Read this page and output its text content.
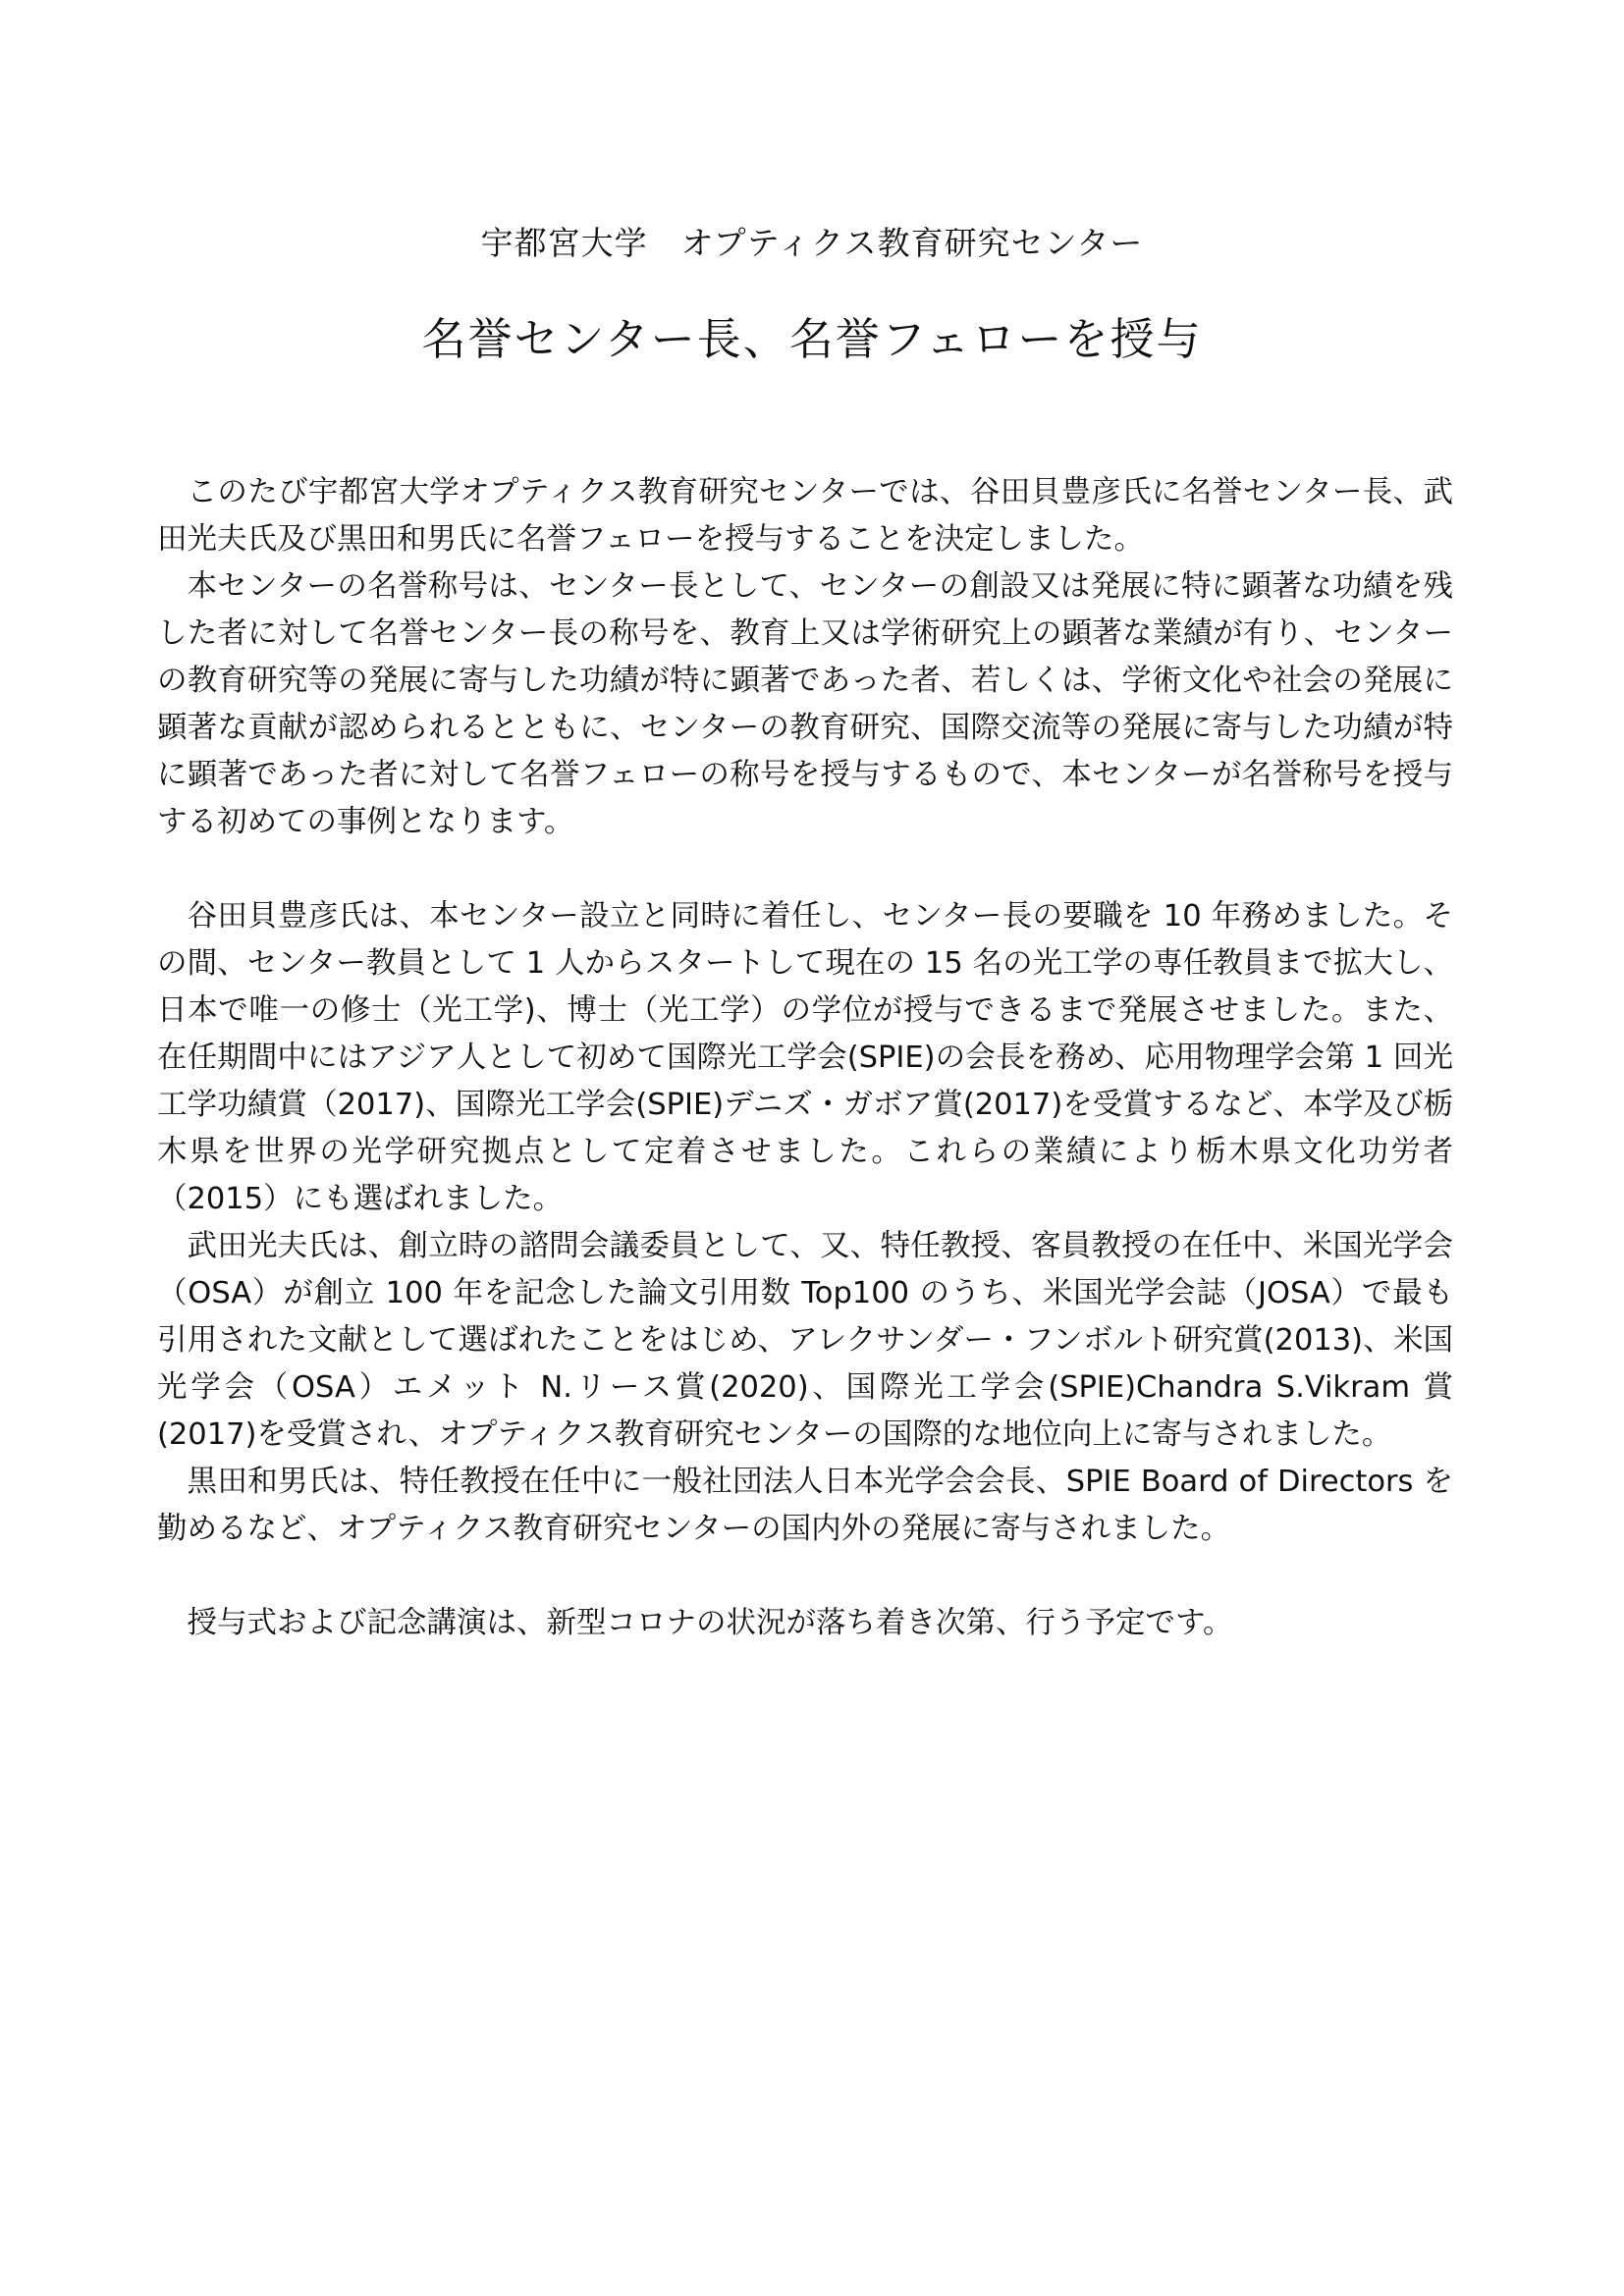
宇都宮大学　オプティクス教育研究センター
名誉センター長、名誉フェローを授与

このたび宇都宮大学オプティクス教育研究センターでは、谷田貝豊彦氏に名誉センター長、武田光夫氏及び黒田和男氏に名誉フェローを授与することを決定しました。

本センターの名誉称号は、センター長として、センターの創設又は発展に特に顕著な功績を残した者に対して名誉センター長の称号を、教育上又は学術研究上の顕著な業績が有り、センターの教育研究等の発展に寄与した功績が特に顕著であった者、若しくは、学術文化や社会の発展に顕著な貢献が認められるとともに、センターの教育研究、国際交流等の発展に寄与した功績が特に顕著であった者に対して名誉フェローの称号を授与するもので、本センターが名誉称号を授与する初めての事例となります。

谷田貝豊彦氏は、本センター設立と同時に着任し、センター長の要職を 10 年務めました。その間、センター教員として 1 人からスタートして現在の 15 名の光工学の専任教員まで拡大し、日本で唯一の修士（光工学)、博士（光工学）の学位が授与できるまで発展させました。また、在任期間中にはアジア人として初めて国際光工学会(SPIE)の会長を務め、応用物理学会第 1 回光工学功績賞（2017)、国際光工学会(SPIE)デニズ・ガボア賞(2017)を受賞するなど、本学及び栃木県を世界の光学研究拠点として定着させました。これらの業績により栃木県文化功労者（2015）にも選ばれました。

武田光夫氏は、創立時の諮問会議委員として、又、特任教授、客員教授の在任中、米国光学会（OSA）が創立 100 年を記念した論文引用数 Top100 のうち、米国光学会誌（JOSA）で最も引用された文献として選ばれたことをはじめ、アレクサンダー・フンボルト研究賞(2013)、米国光学会（OSA）エメット N.リース賞(2020)、国際光工学会(SPIE)Chandra S.Vikram 賞(2017)を受賞され、オプティクス教育研究センターの国際的な地位向上に寄与されました。

黒田和男氏は、特任教授在任中に一般社団法人日本光学会会長、SPIE Board of Directors を勤めるなど、オプティクス教育研究センターの国内外の発展に寄与されました。

授与式および記念講演は、新型コロナの状況が落ち着き次第、行う予定です。
